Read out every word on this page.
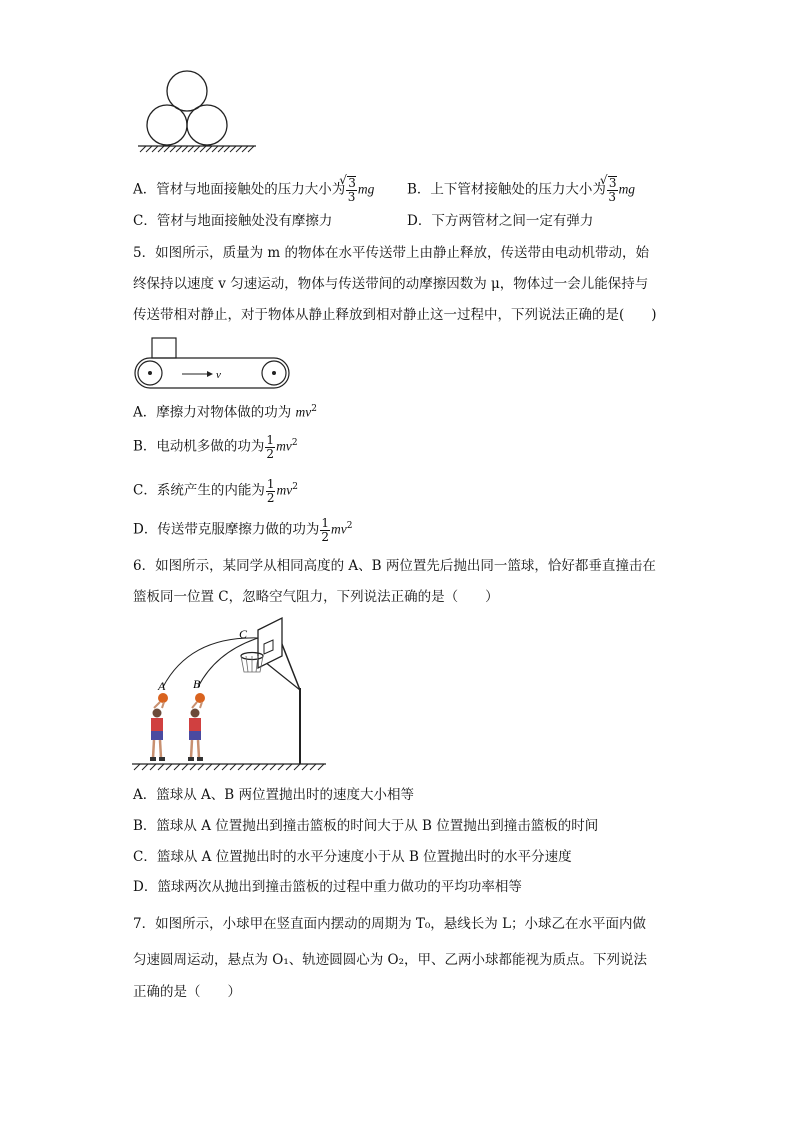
A．管材与地面接触处的压力大小为 √ $\frac{3}{3}$ mg B．上下管材接触处的压力大小为 √ $\frac{3}{3}$ mg
C．管材与地面接触处没有摩擦力	D．下方两管材之间一定有弹力
5．如图所示，质量为 m 的物体在水平传送带上由静止释放，传送带由电动机带动，始
终保持以速度 v 匀速运动，物体与传送带间的动摩擦因数为 μ，物体过一会儿能保持与
传送带相对静止，对于物体从静止释放到相对静止这一过程中，下列说法正确的是(　　)
v
A．摩擦力对物体做的功为 $mv^2$
B．电动机多做的功为 $\frac{1}{2} mv^2$
C．系统产生的内能为 $\frac{1}{2} mv^2$
D．传送带克服摩擦力做的功为 $\frac{1}{2} mv^2$
6．如图所示，某同学从相同高度的 A、B 两位置先后抛出同一篮球，恰好都垂直撞击在
篮板同一位置 C，忽略空气阻力，下列说法正确的是（　　）
C
A B
A．篮球从 A、B 两位置抛出时的速度大小相等
B．篮球从 A 位置抛出到撞击篮板的时间大于从 B 位置抛出到撞击篮板的时间
C．篮球从 A 位置抛出时的水平分速度小于从 B 位置抛出时的水平分速度
D．篮球两次从抛出到撞击篮板的过程中重力做功的平均功率相等
7．如图所示，小球甲在竖直面内摆动的周期为 T₀，悬线长为 L；小球乙在水平面内做
匀速圆周运动，悬点为 O₁、轨迹圆圆心为 O₂，甲、乙两小球都能视为质点。下列说法
正确的是（　　）
